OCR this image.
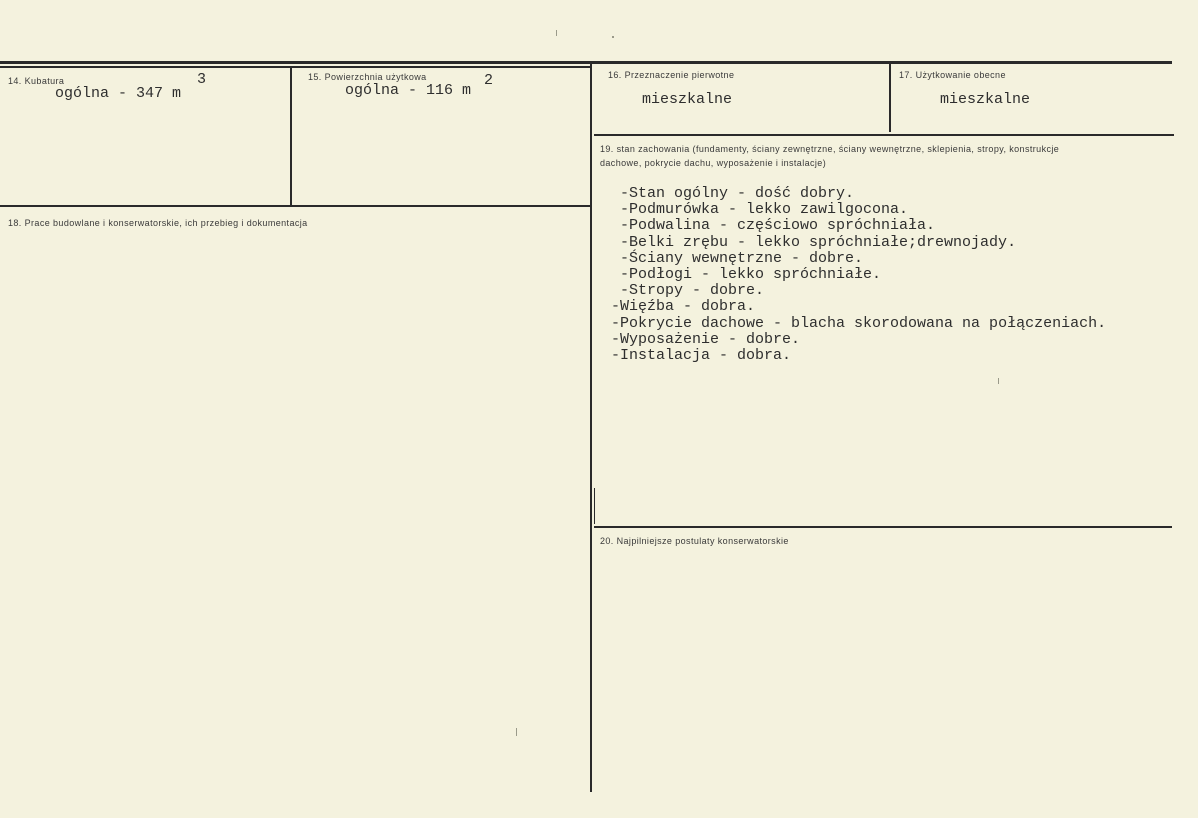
14. Kubatura
ogólna - 347 m
3	15. Powierzchnia użytkowa
ogólna - 116 m
2	16. Przeznaczenie pierwotne
mieszkalne
17. Użytkowanie obecne
mieszkalne
18. Prace budowlane i konserwatorskie, ich przebieg i dokumentacja
19. stan zachowania (fundamenty, ściany zewnętrzne, ściany wewnętrzne, sklepienia, stropy, konstrukcje dachowe, pokrycie dachu, wyposażenie i instalacje)
-Stan ogólny - dość dobry.
-Podmurówka - lekko zawilgocona.
-Podwalina - częściowo spróchniała.
-Belki zrębu - lekko spróchniałe;drewnojady.
-Ściany wewnętrzne - dobre.
-Podłogi - lekko spróchniałe.
-Stropy - dobre.
-Więźba - dobra.
-Pokrycie dachowe - blacha skorodowana na połączeniach.
-Wyposażenie - dobre.
-Instalacja - dobra.
20. Najpilniejsze postulaty konserwatorskie
